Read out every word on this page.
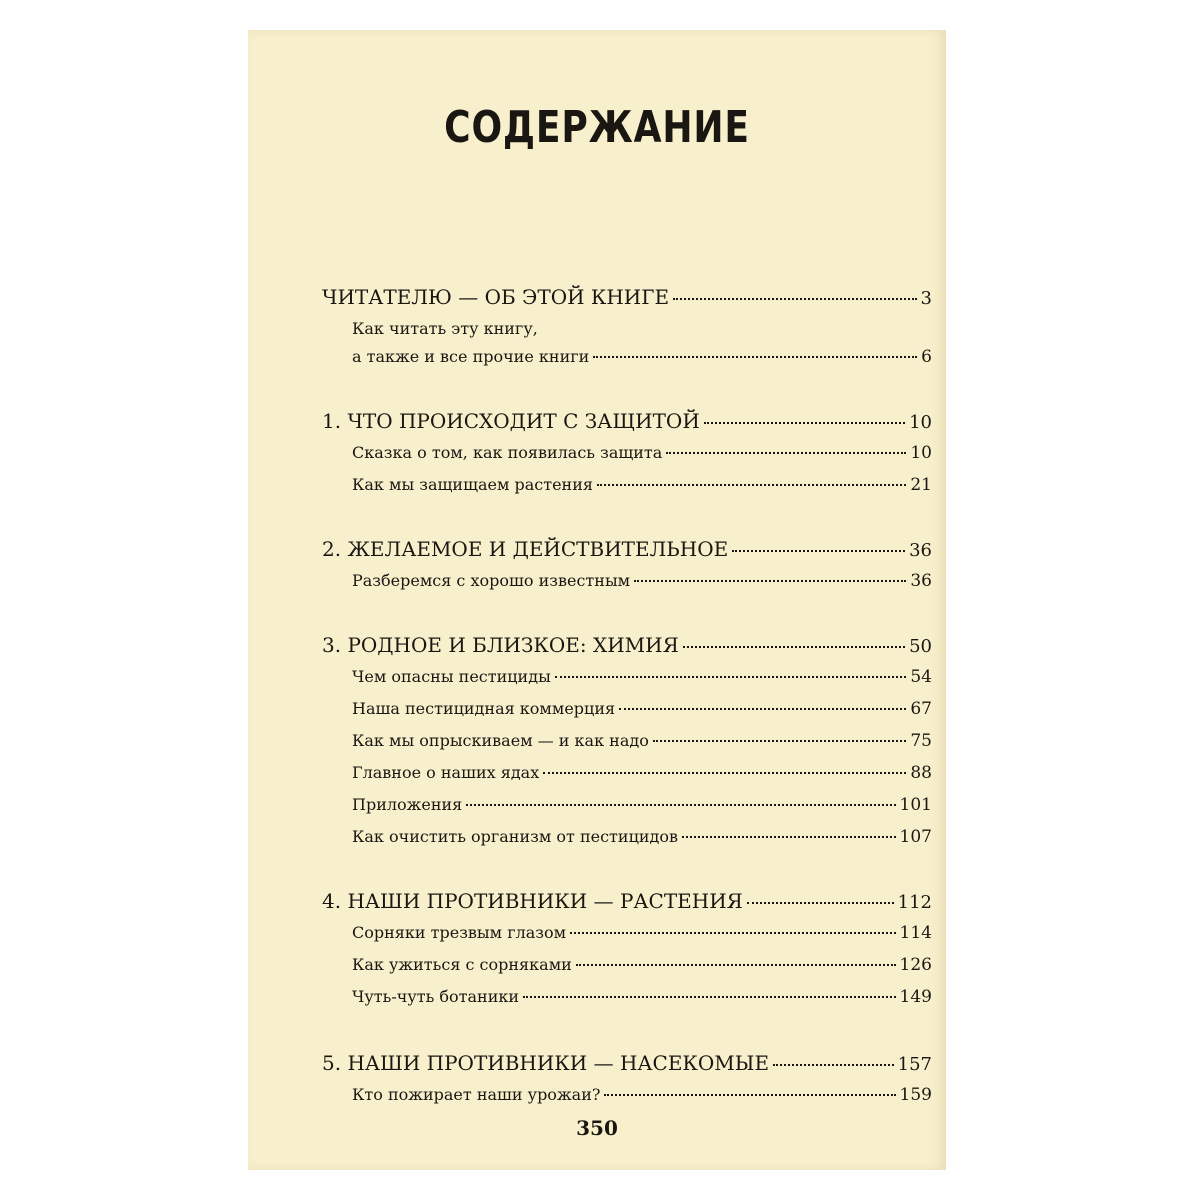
СОДЕРЖАНИЕ
ЧИТАТЕЛЮ — ОБ ЭТОЙ КНИГЕ	3
Как читать эту книгу,
а также и все прочие книги	6
1. ЧТО ПРОИСХОДИТ С ЗАЩИТОЙ	10
Сказка о том, как появилась защита	10
Как мы защищаем растения	21
2. ЖЕЛАЕМОЕ И ДЕЙСТВИТЕЛЬНОЕ	36
Разберемся с хорошо известным	36
3. РОДНОЕ И БЛИЗКОЕ: ХИМИЯ	50
Чем опасны пестициды	54
Наша пестицидная коммерция	67
Как мы опрыскиваем — и как надо	75
Главное о наших ядах	88
Приложения	101
Как очистить организм от пестицидов	107
4. НАШИ ПРОТИВНИКИ — РАСТЕНИЯ	112
Сорняки трезвым глазом	114
Как ужиться с сорняками	126
Чуть-чуть ботаники	149
5. НАШИ ПРОТИВНИКИ — НАСЕКОМЫЕ	157
Кто пожирает наши урожаи?	159
350
